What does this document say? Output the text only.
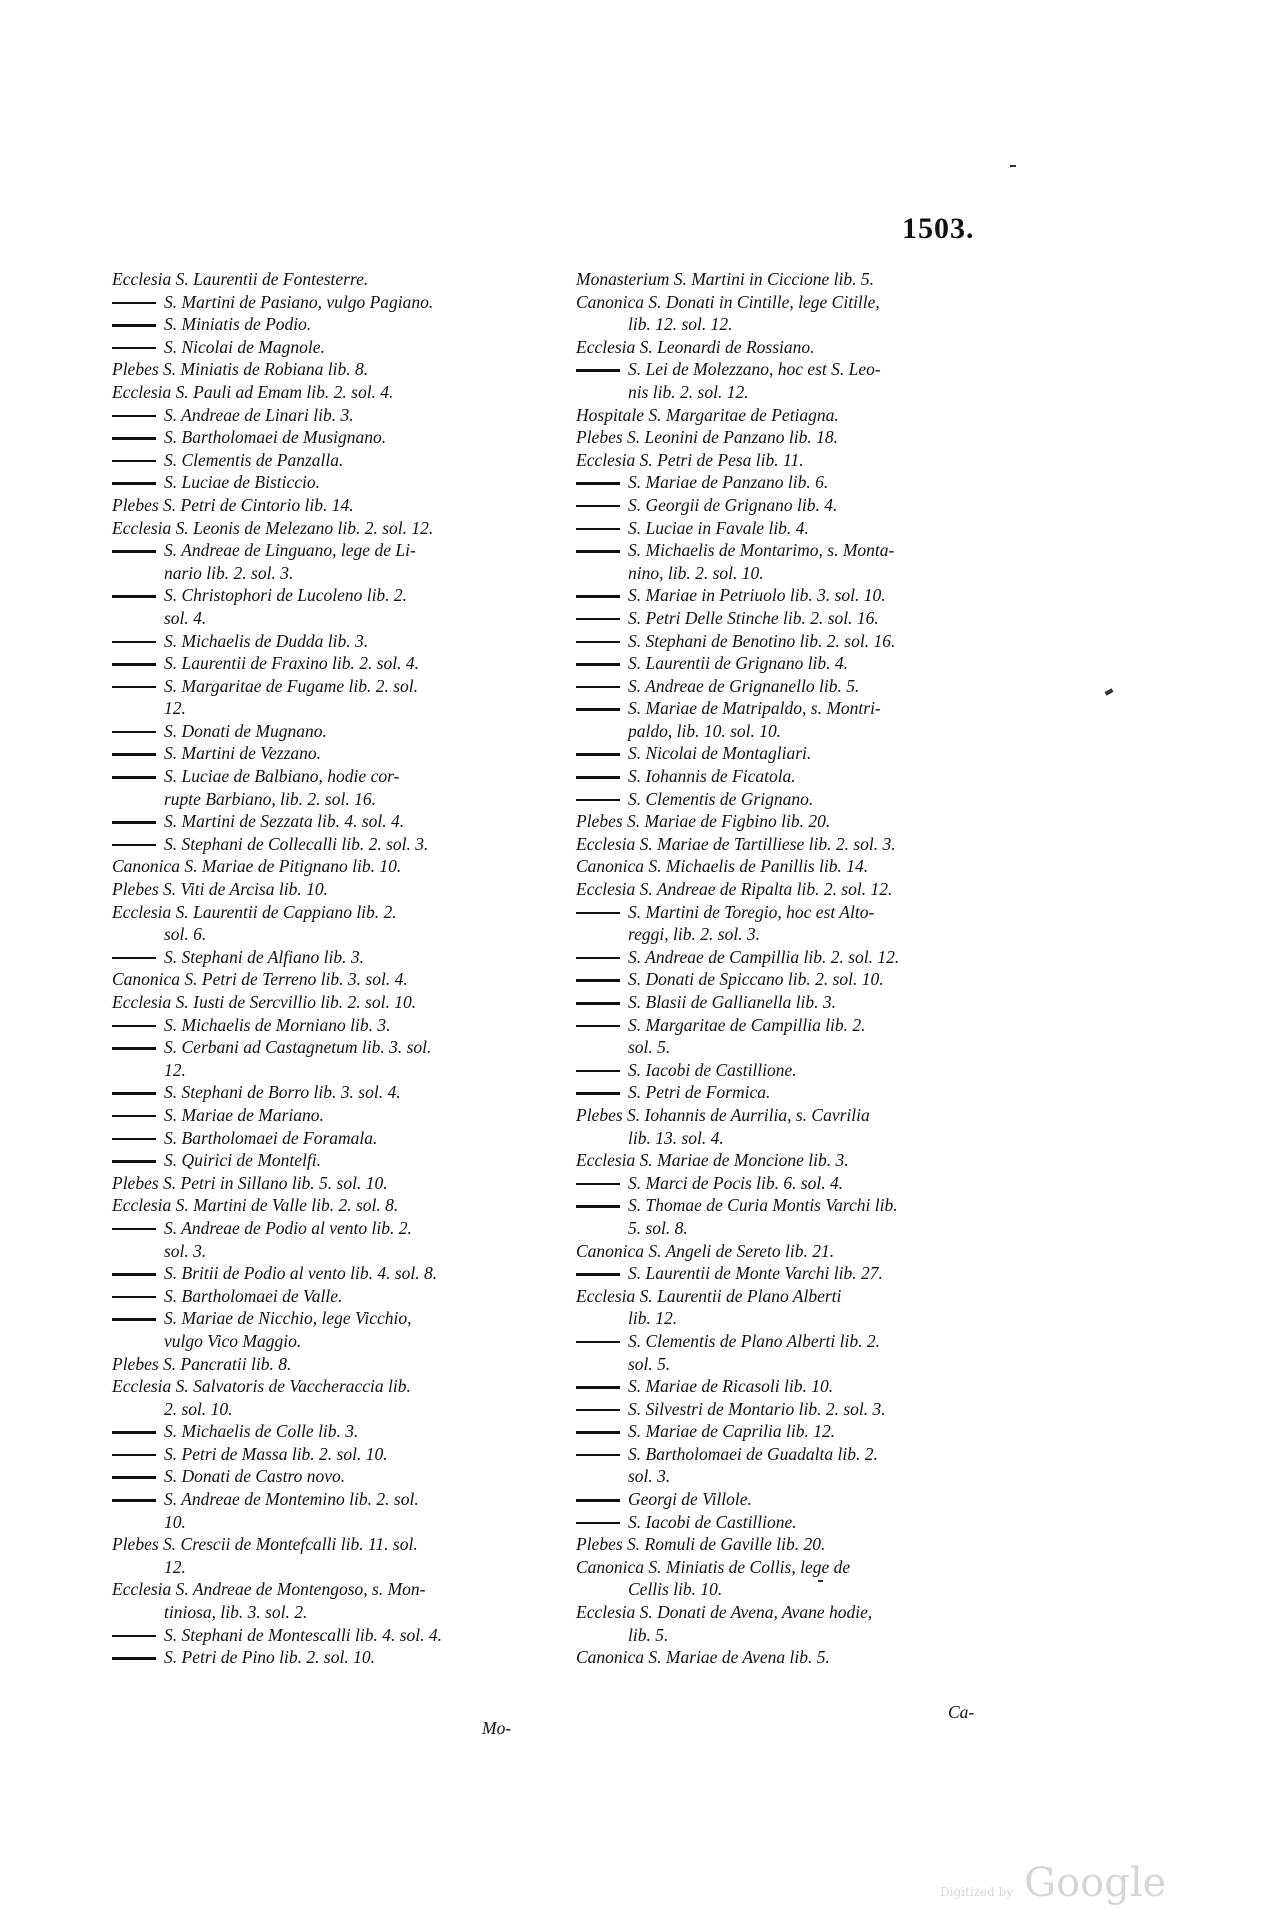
1503.
Ecclesia S. Laurentii de Fontesterre.
S. Martini de Pasiano, vulgo Pagiano.
S. Miniatis de Podio.
S. Nicolai de Magnole.
Plebes S. Miniatis de Robiana lib. 8.
Ecclesia S. Pauli ad Emam lib. 2. sol. 4.
S. Andreae de Linari lib. 3.
S. Bartholomaei de Musignano.
S. Clementis de Panzalla.
S. Luciae de Bisticcio.
Plebes S. Petri de Cintorio lib. 14.
Ecclesia S. Leonis de Melezano lib. 2. sol. 12.
S. Andreae de Linguano, lege de Li-
nario lib. 2. sol. 3.
S. Christophori de Lucoleno lib. 2.
sol. 4.
S. Michaelis de Dudda lib. 3.
S. Laurentii de Fraxino lib. 2. sol. 4.
S. Margaritae de Fugame lib. 2. sol.
12.
S. Donati de Mugnano.
S. Martini de Vezzano.
S. Luciae de Balbiano, hodie cor-
rupte Barbiano, lib. 2. sol. 16.
S. Martini de Sezzata lib. 4. sol. 4.
S. Stephani de Collecalli lib. 2. sol. 3.
Canonica S. Mariae de Pitignano lib. 10.
Plebes S. Viti de Arcisa lib. 10.
Ecclesia S. Laurentii de Cappiano lib. 2.
sol. 6.
S. Stephani de Alfiano lib. 3.
Canonica S. Petri de Terreno lib. 3. sol. 4.
Ecclesia S. Iusti de Sercvillio lib. 2. sol. 10.
S. Michaelis de Morniano lib. 3.
S. Cerbani ad Castagnetum lib. 3. sol.
12.
S. Stephani de Borro lib. 3. sol. 4.
S. Mariae de Mariano.
S. Bartholomaei de Foramala.
S. Quirici de Montelfi.
Plebes S. Petri in Sillano lib. 5. sol. 10.
Ecclesia S. Martini de Valle lib. 2. sol. 8.
S. Andreae de Podio al vento lib. 2.
sol. 3.
S. Britii de Podio al vento lib. 4. sol. 8.
S. Bartholomaei de Valle.
S. Mariae de Nicchio, lege Vicchio,
vulgo Vico Maggio.
Plebes S. Pancratii lib. 8.
Ecclesia S. Salvatoris de Vaccheraccia lib.
2. sol. 10.
S. Michaelis de Colle lib. 3.
S. Petri de Massa lib. 2. sol. 10.
S. Donati de Castro novo.
S. Andreae de Montemino lib. 2. sol.
10.
Plebes S. Crescii de Montefcalli lib. 11. sol.
12.
Ecclesia S. Andreae de Montengoso, s. Mon-
tiniosa, lib. 3. sol. 2.
S. Stephani de Montescalli lib. 4. sol. 4.
S. Petri de Pino lib. 2. sol. 10.
Monasterium S. Martini in Ciccione lib. 5.
Canonica S. Donati in Cintille, lege Citille,
lib. 12. sol. 12.
Ecclesia S. Leonardi de Rossiano.
S. Lei de Molezzano, hoc est S. Leo-
nis lib. 2. sol. 12.
Hospitale S. Margaritae de Petiagna.
Plebes S. Leonini de Panzano lib. 18.
Ecclesia S. Petri de Pesa lib. 11.
S. Mariae de Panzano lib. 6.
S. Georgii de Grignano lib. 4.
S. Luciae in Favale lib. 4.
S. Michaelis de Montarimo, s. Monta-
nino, lib. 2. sol. 10.
S. Mariae in Petriuolo lib. 3. sol. 10.
S. Petri Delle Stinche lib. 2. sol. 16.
S. Stephani de Benotino lib. 2. sol. 16.
S. Laurentii de Grignano lib. 4.
S. Andreae de Grignanello lib. 5.
S. Mariae de Matripaldo, s. Montri-
paldo, lib. 10. sol. 10.
S. Nicolai de Montagliari.
S. Iohannis de Ficatola.
S. Clementis de Grignano.
Plebes S. Mariae de Figbino lib. 20.
Ecclesia S. Mariae de Tartilliese lib. 2. sol. 3.
Canonica S. Michaelis de Panillis lib. 14.
Ecclesia S. Andreae de Ripalta lib. 2. sol. 12.
S. Martini de Toregio, hoc est Alto-
reggi, lib. 2. sol. 3.
S. Andreae de Campillia lib. 2. sol. 12.
S. Donati de Spiccano lib. 2. sol. 10.
S. Blasii de Gallianella lib. 3.
S. Margaritae de Campillia lib. 2.
sol. 5.
S. Iacobi de Castillione.
S. Petri de Formica.
Plebes S. Iohannis de Aurrilia, s. Cavrilia
lib. 13. sol. 4.
Ecclesia S. Mariae de Moncione lib. 3.
S. Marci de Pocis lib. 6. sol. 4.
S. Thomae de Curia Montis Varchi lib.
5. sol. 8.
Canonica S. Angeli de Sereto lib. 21.
S. Laurentii de Monte Varchi lib. 27.
Ecclesia S. Laurentii de Plano Alberti
lib. 12.
S. Clementis de Plano Alberti lib. 2.
sol. 5.
S. Mariae de Ricasoli lib. 10.
S. Silvestri de Montario lib. 2. sol. 3.
S. Mariae de Caprilia lib. 12.
S. Bartholomaei de Guadalta lib. 2.
sol. 3.
Georgi de Villole.
S. Iacobi de Castillione.
Plebes S. Romuli de Gaville lib. 20.
Canonica S. Miniatis de Collis, lege de
Cellis lib. 10.
Ecclesia S. Donati de Avena, Avane hodie,
lib. 5.
Canonica S. Mariae de Avena lib. 5.
Mo-
Ca-
Digitized by Google
